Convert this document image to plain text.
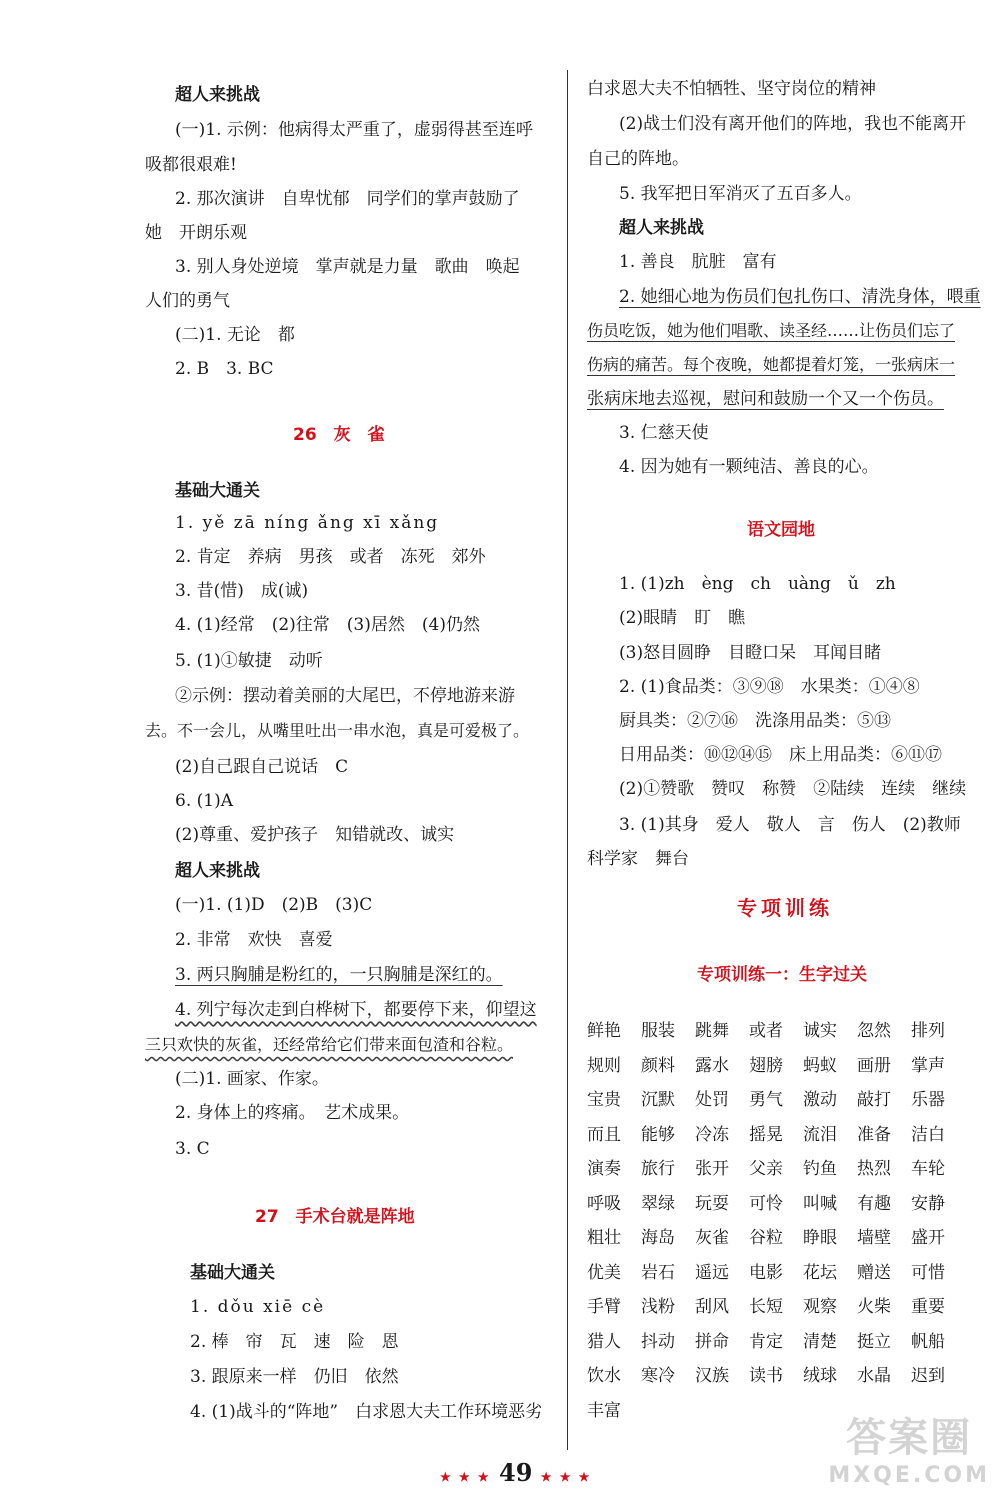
超人来挑战
(一)1. 示例：他病得太严重了，虚弱得甚至连呼
吸都很艰难!
2. 那次演讲　自卑忧郁　同学们的掌声鼓励了
她　开朗乐观
3. 别人身处逆境　掌声就是力量　歌曲　唤起
人们的勇气
(二)1. 无论　都
2. B　3. BC
26　灰　雀
基础大通关
1. yě zā níng ǎng xī xǎng
2. 肯定　养病　男孩　或者　冻死　郊外
3. 昔(惜)　成(诚)
4. (1)经常　(2)往常　(3)居然　(4)仍然
5. (1)①敏捷　动听
②示例：摆动着美丽的大尾巴，不停地游来游
去。不一会儿，从嘴里吐出一串水泡，真是可爱极了。
(2)自己跟自己说话　C
6. (1)A
(2)尊重、爱护孩子　知错就改、诚实
超人来挑战
(一)1. (1)D　(2)B　(3)C
2. 非常　欢快　喜爱
3. 两只胸脯是粉红的，一只胸脯是深红的。
4. 列宁每次走到白桦树下，都要停下来，仰望这
三只欢快的灰雀，还经常给它们带来面包渣和谷粒。
(二)1. 画家、作家。
2. 身体上的疼痛。　艺术成果。
3. C
27　手术台就是阵地
基础大通关
1. dǒu xiē cè
2. 棒　帘　瓦　速　险　恩
3. 跟原来一样　仍旧　依然
4. (1)战斗的“阵地”　白求恩大夫工作环境恶劣
白求恩大夫不怕牺牲、坚守岗位的精神
(2)战士们没有离开他们的阵地，我也不能离开
自己的阵地。
5. 我军把日军消灭了五百多人。
超人来挑战
1. 善良　肮脏　富有
2. 她细心地为伤员们包扎伤口、清洗身体，喂重
伤员吃饭，她为他们唱歌、读圣经……让伤员们忘了
伤病的痛苦。每个夜晚，她都提着灯笼，一张病床一
张病床地去巡视，慰问和鼓励一个又一个伤员。
3. 仁慈天使
4. 因为她有一颗纯洁、善良的心。
语文园地
1. (1)zh　èng　ch　uàng　ǔ　zh
(2)眼睛　盯　瞧
(3)怒目圆睁　目瞪口呆　耳闻目睹
2. (1)食品类：③⑨⑱　水果类：①④⑧
厨具类：②⑦⑯　洗涤用品类：⑤⑬
日用品类：⑩⑫⑭⑮　床上用品类：⑥⑪⑰
(2)①赞歌　赞叹　称赞　②陆续　连续　继续
3. (1)其身　爱人　敬人　言　伤人　(2)教师
科学家　舞台
专项训练
专项训练一：生字过关
鲜艳 服装 跳舞 或者 诚实 忽然 排列
规则 颜料 露水 翅膀 蚂蚁 画册 掌声
宝贵 沉默 处罚 勇气 激动 敲打 乐器
而且 能够 冷冻 摇晃 流泪 准备 洁白
演奏 旅行 张开 父亲 钓鱼 热烈 车轮
呼吸 翠绿 玩耍 可怜 叫喊 有趣 安静
粗壮 海岛 灰雀 谷粒 睁眼 墙壁 盛开
优美 岩石 遥远 电影 花坛 赠送 可惜
手臂 浅粉 刮风 长短 观察 火柴 重要
猎人 抖动 拼命 肯定 清楚 挺立 帆船
饮水 寒冷 汉族 读书 绒球 水晶 迟到
丰富
★ ★ ★ 49 ★ ★ ★
答案圈
MXQE.COM
